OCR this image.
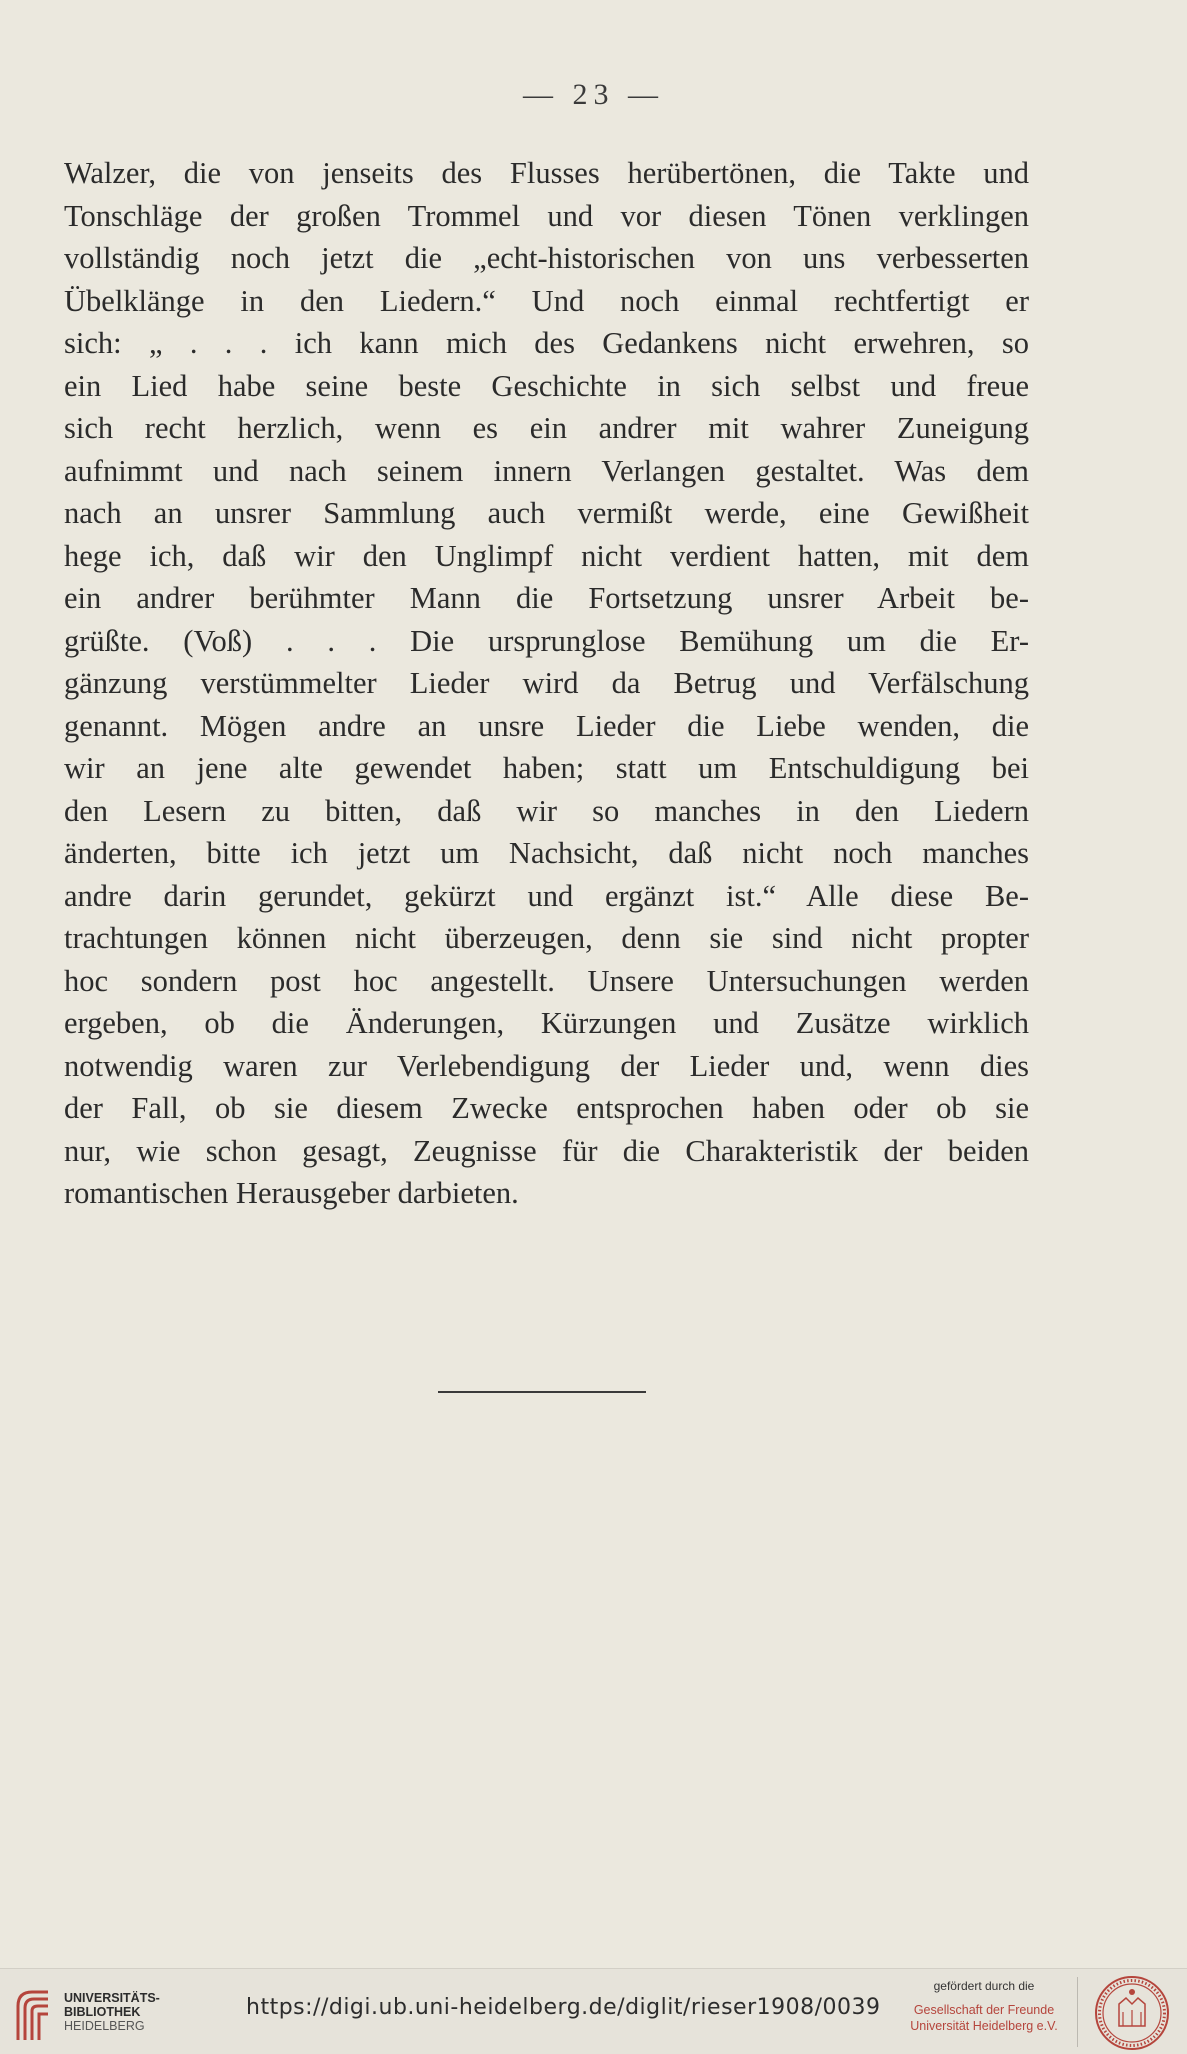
— 23 —
Walzer, die von jenseits des Flusses herübertönen, die Takte und
Tonschläge der großen Trommel und vor diesen Tönen verklingen
vollständig noch jetzt die „echt-historischen von uns verbesserten
Übelklänge in den Liedern.“ Und noch einmal rechtfertigt er
sich: „ . . . ich kann mich des Gedankens nicht erwehren, so
ein Lied habe seine beste Geschichte in sich selbst und freue
sich recht herzlich, wenn es ein andrer mit wahrer Zuneigung
aufnimmt und nach seinem innern Verlangen gestaltet. Was dem
nach an unsrer Sammlung auch vermißt werde, eine Gewißheit
hege ich, daß wir den Unglimpf nicht verdient hatten, mit dem
ein andrer berühmter Mann die Fortsetzung unsrer Arbeit be-
grüßte. (Voß) . . . Die ursprunglose Bemühung um die Er-
gänzung verstümmelter Lieder wird da Betrug und Verfälschung
genannt. Mögen andre an unsre Lieder die Liebe wenden, die
wir an jene alte gewendet haben; statt um Entschuldigung bei
den Lesern zu bitten, daß wir so manches in den Liedern
änderten, bitte ich jetzt um Nachsicht, daß nicht noch manches
andre darin gerundet, gekürzt und ergänzt ist.“ Alle diese Be-
trachtungen können nicht überzeugen, denn sie sind nicht propter
hoc sondern post hoc angestellt. Unsere Untersuchungen werden
ergeben, ob die Änderungen, Kürzungen und Zusätze wirklich
notwendig waren zur Verlebendigung der Lieder und, wenn dies
der Fall, ob sie diesem Zwecke entsprochen haben oder ob sie
nur, wie schon gesagt, Zeugnisse für die Charakteristik der beiden
romantischen Herausgeber darbieten.
UNIVERSITÄTS-
BIBLIOTHEK
HEIDELBERG
https://digi.ub.uni-heidelberg.de/diglit/rieser1908/0039
gefördert durch die
Gesellschaft der Freunde
Universität Heidelberg e.V.
